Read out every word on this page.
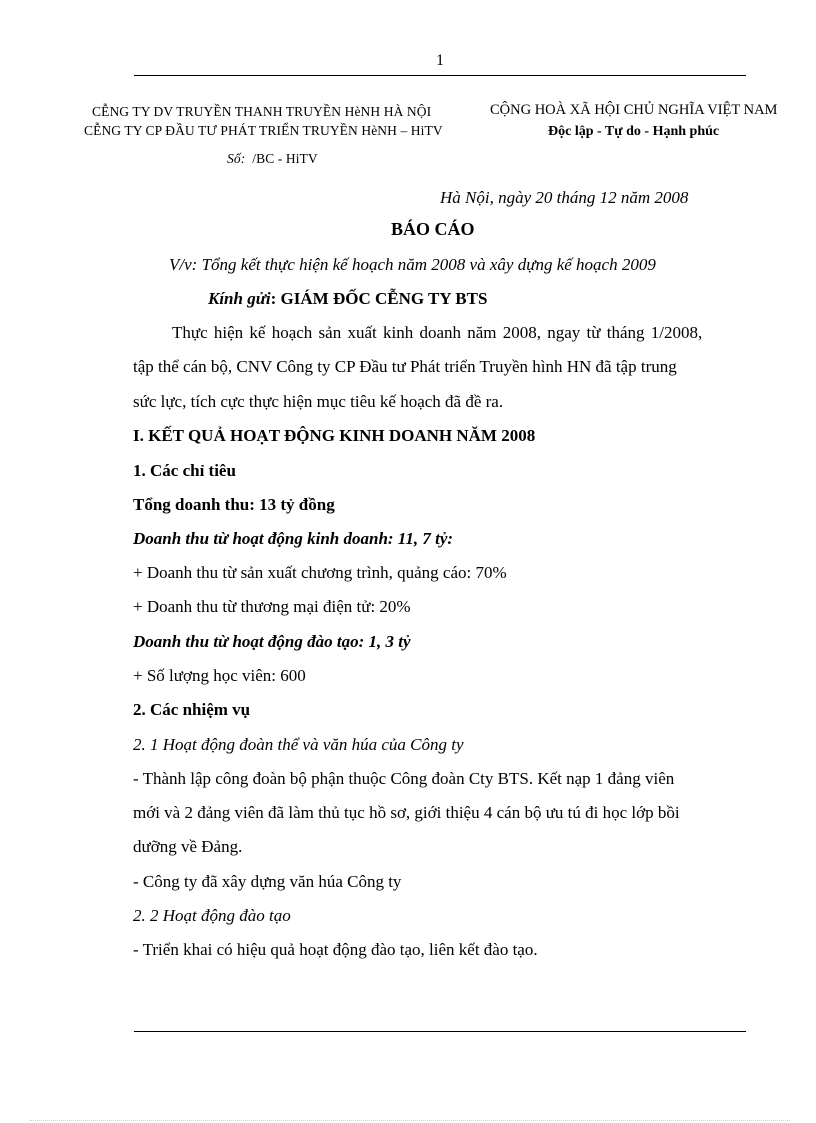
1
CỄNG TY DV TRUYỀN THANH TRUYỀN HèNH HÀ NỘI
CỄNG TY CP ĐẦU TƯ PHÁT TRIỂN TRUYỀN HèNH – HiTV
Số: /BC - HiTV
CỘNG HOÀ XÃ HỘI CHỦ NGHĨA VIỆT NAM
Độc lập - Tự do - Hạnh phúc
Hà Nội, ngày 20 tháng 12 năm 2008
BÁO CÁO
V/v: Tổng kết thực hiện kế hoạch năm 2008 và xây dựng kế hoạch 2009
Kính gửi: GIÁM ĐỐC CỄNG TY BTS
Thực hiện kế hoạch sản xuất kinh doanh năm 2008, ngay từ tháng 1/2008,
tập thể cán bộ, CNV Công ty CP Đầu tư Phát triển Truyền hình HN đã tập trung
sức lực, tích cực thực hiện mục tiêu kế hoạch đã đề ra.
I. KẾT QUẢ HOẠT ĐỘNG KINH DOANH NĂM 2008
1. Các chỉ tiêu
Tổng doanh thu: 13 tỷ đồng
Doanh thu từ hoạt động kinh doanh: 11, 7 tỷ:
+ Doanh thu từ sản xuất chương trình, quảng cáo: 70%
+ Doanh thu từ thương mại điện tử: 20%
Doanh thu từ hoạt động đào tạo: 1, 3 tỷ
+ Số lượng học viên: 600
2. Các nhiệm vụ
2. 1 Hoạt động đoàn thể và văn húa của Công ty
- Thành lập công đoàn bộ phận thuộc Công đoàn Cty BTS. Kết nạp 1 đảng viên
mới và 2 đảng viên đã làm thủ tục hồ sơ, giới thiệu 4 cán bộ ưu tú đi học lớp bồi
dưỡng về Đảng.
- Công ty đã xây dựng văn húa Công ty
2. 2 Hoạt động đào tạo
- Triển khai có hiệu quả hoạt động đào tạo, liên kết đào tạo.
